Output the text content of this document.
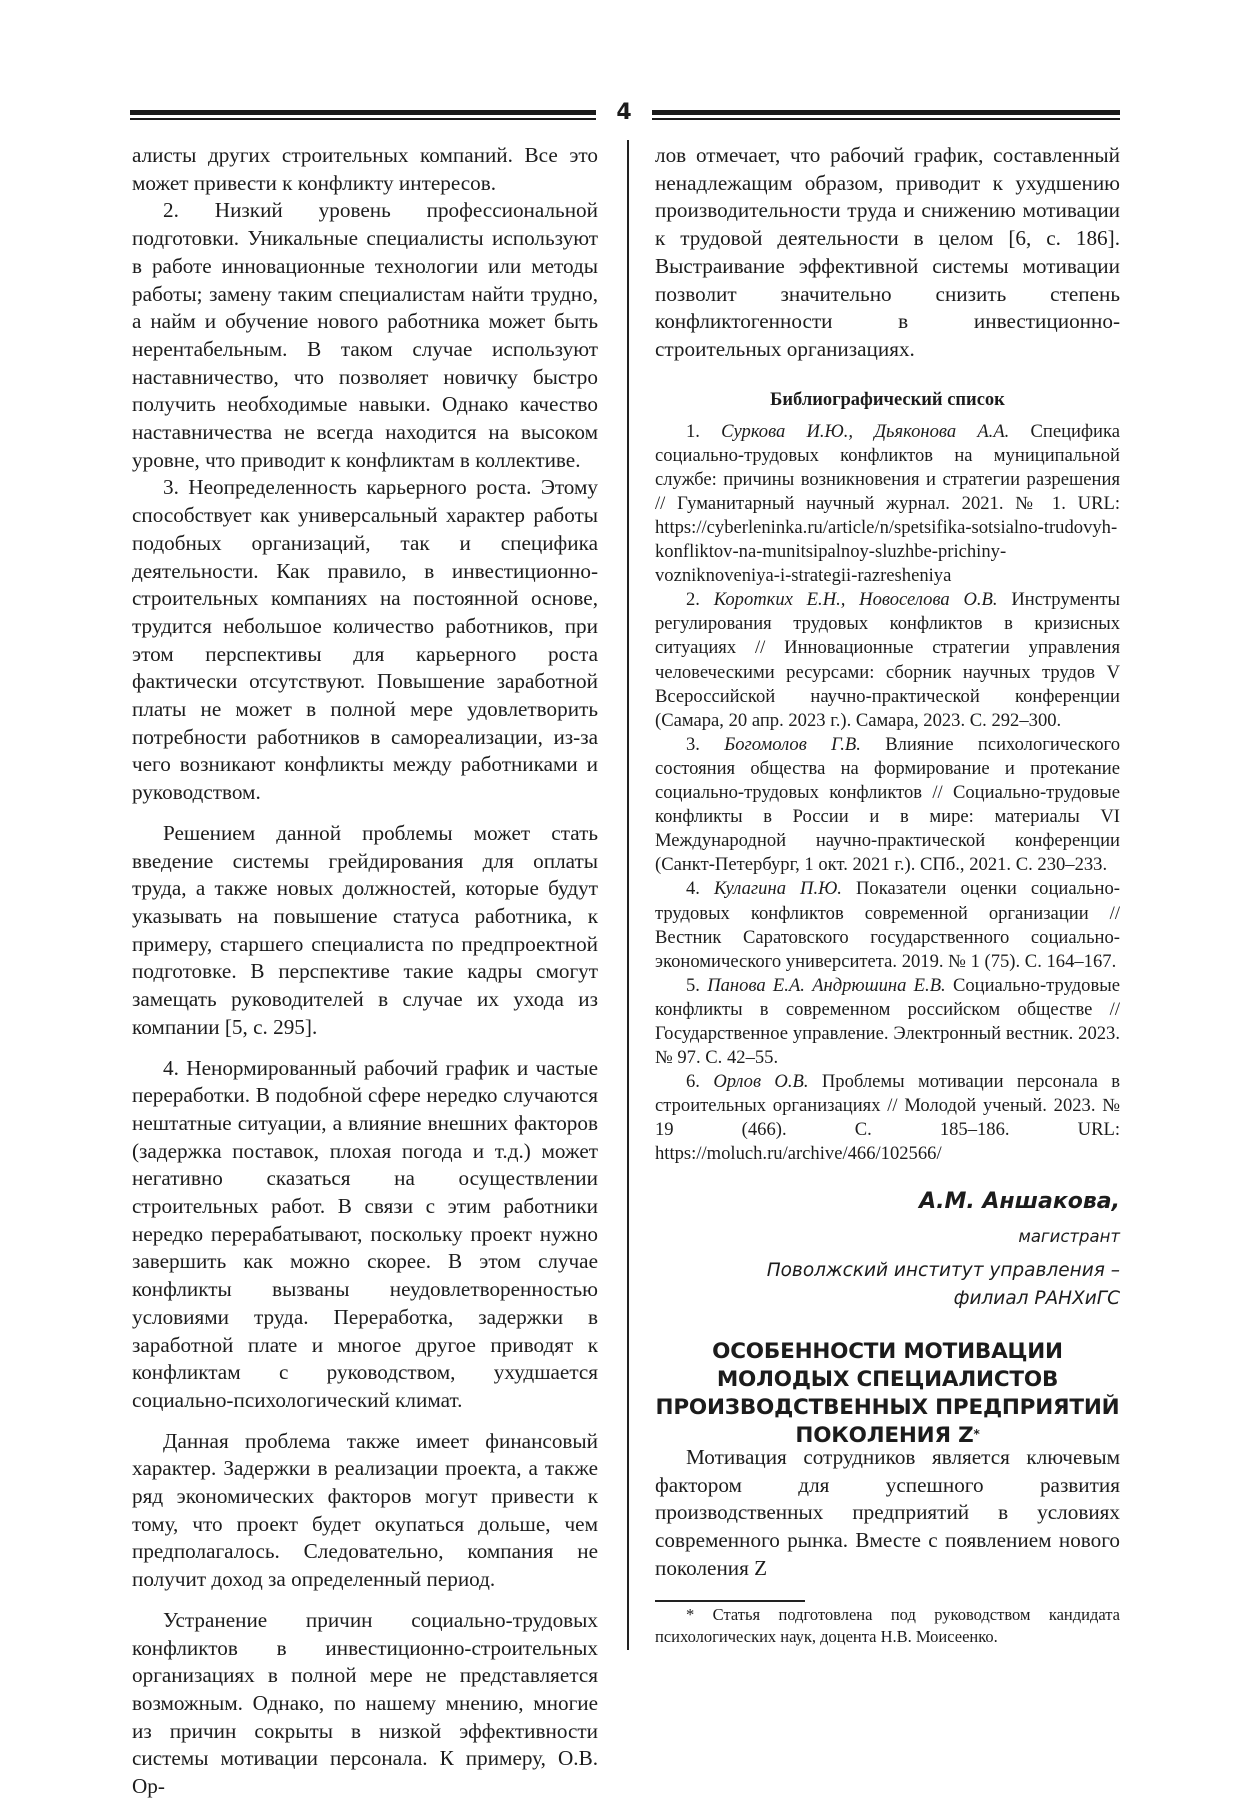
4

алисты других строительных компаний. Все это может привести к конфликту интересов.

2. Низкий уровень профессиональной подготовки. Уникальные специалисты используют в работе инновационные технологии или методы работы; замену таким специалистам найти трудно, а найм и обучение нового работника может быть нерентабельным. В таком случае используют наставничество, что позволяет новичку быстро получить необходимые навыки. Однако качество наставничества не всегда находится на высоком уровне, что приводит к конфликтам в коллективе.

3. Неопределенность карьерного роста. Этому способствует как универсальный характер работы подобных организаций, так и специфика деятельности. Как правило, в инвестиционно-строительных компаниях на постоянной основе, трудится небольшое количество работников, при этом перспективы для карьерного роста фактически отсутствуют. Повышение заработной платы не может в полной мере удовлетворить потребности работников в самореализации, из-за чего возникают конфликты между работниками и руководством.

Решением данной проблемы может стать введение системы грейдирования для оплаты труда, а также новых должностей, которые будут указывать на повышение статуса работника, к примеру, старшего специалиста по предпроектной подготовке. В перспективе такие кадры смогут замещать руководителей в случае их ухода из компании [5, с. 295].

4. Ненормированный рабочий график и частые переработки. В подобной сфере нередко случаются нештатные ситуации, а влияние внешних факторов (задержка поставок, плохая погода и т.д.) может негативно сказаться на осуществлении строительных работ. В связи с этим работники нередко перерабатывают, поскольку проект нужно завершить как можно скорее. В этом случае конфликты вызваны неудовлетворенностью условиями труда. Переработка, задержки в заработной плате и многое другое приводят к конфликтам с руководством, ухудшается социально-психологический климат.

Данная проблема также имеет финансовый характер. Задержки в реализации проекта, а также ряд экономических факторов могут привести к тому, что проект будет окупаться дольше, чем предполагалось. Следовательно, компания не получит доход за определенный период.

Устранение причин социально-трудовых конфликтов в инвестиционно-строительных организациях в полной мере не представляется возможным. Однако, по нашему мнению, многие из причин сокрыты в низкой эффективности системы мотивации персонала. К примеру, О.В. Ор-

лов отмечает, что рабочий график, составленный ненадлежащим образом, приводит к ухудшению производительности труда и снижению мотивации к трудовой деятельности в целом [6, с. 186]. Выстраивание эффективной системы мотивации позволит значительно снизить степень конфликтогенности в инвестиционно-строительных организациях.

Библиографический список

1. Суркова И.Ю., Дьяконова А.А. Специфика социально-трудовых конфликтов на муниципальной службе: причины возникновения и стратегии разрешения // Гуманитарный научный журнал. 2021. № 1. URL: https://cyberleninka.ru/article/n/spetsifika-sotsialno-trudovyh-konfliktov-na-munitsipalnoy-sluzhbe-prichiny-vozniknoveniya-i-strategii-razresheniya

2. Коротких Е.Н., Новоселова О.В. Инструменты регулирования трудовых конфликтов в кризисных ситуациях // Инновационные стратегии управления человеческими ресурсами: сборник научных трудов V Всероссийской научно-практической конференции (Самара, 20 апр. 2023 г.). Самара, 2023. С. 292–300.

3. Богомолов Г.В. Влияние психологического состояния общества на формирование и протекание социально-трудовых конфликтов // Социально-трудовые конфликты в России и в мире: материалы VI Международной научно-практической конференции (Санкт-Петербург, 1 окт. 2021 г.). СПб., 2021. С. 230–233.

4. Кулагина П.Ю. Показатели оценки социально-трудовых конфликтов современной организации // Вестник Саратовского государственного социально-экономического университета. 2019. № 1 (75). С. 164–167.

5. Панова Е.А. Андрюшина Е.В. Социально-трудовые конфликты в современном российском обществе // Государственное управление. Электронный вестник. 2023. № 97. С. 42–55.

6. Орлов О.В. Проблемы мотивации персонала в строительных организациях // Молодой ученый. 2023. № 19 (466). С. 185–186. URL: https://moluch.ru/archive/466/102566/

А.М. Аншакова,
магистрант
Поволжский институт управления –
филиал РАНХиГС
ОСОБЕННОСТИ МОТИВАЦИИ
МОЛОДЫХ СПЕЦИАЛИСТОВ
ПРОИЗВОДСТВЕННЫХ ПРЕДПРИЯТИЙ
ПОКОЛЕНИЯ Z*

Мотивация сотрудников является ключевым фактором для успешного развития производственных предприятий в условиях современного рынка. Вместе с появлением нового поколения Z

* Статья подготовлена под руководством кандидата психологических наук, доцента Н.В. Моисеенко.
